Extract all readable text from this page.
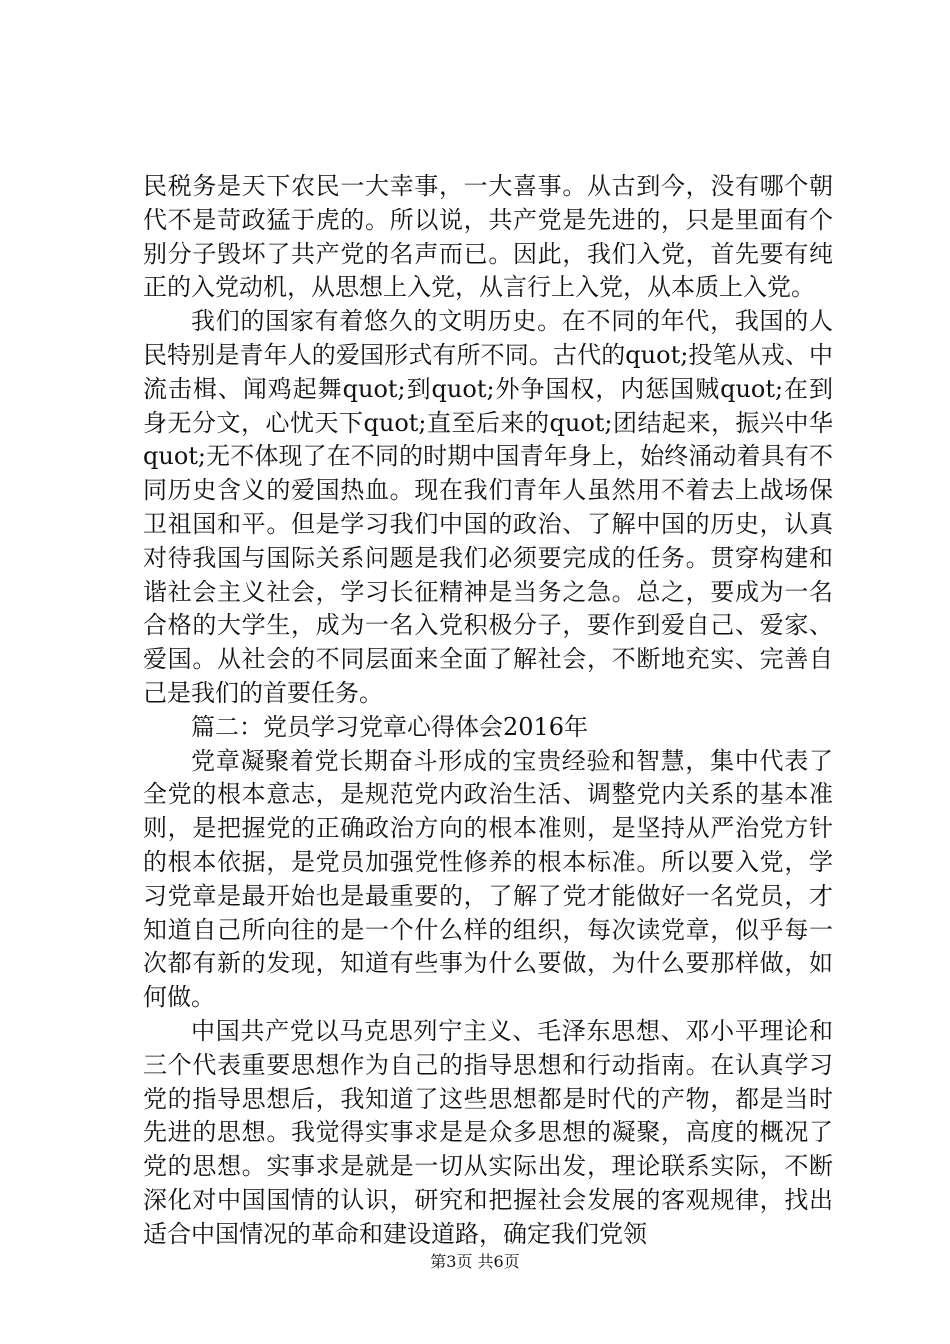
民税务是天下农民一大幸事，一大喜事。从古到今，没有哪个朝代不是苛政猛于虎的。所以说，共产党是先进的，只是里面有个别分子毁坏了共产党的名声而已。因此，我们入党，首先要有纯正的入党动机，从思想上入党，从言行上入党，从本质上入党。

我们的国家有着悠久的文明历史。在不同的年代，我国的人民特别是青年人的爱国形式有所不同。古代的quot;投笔从戎、中流击楫、闻鸡起舞quot;到quot;外争国权，内惩国贼quot;在到身无分文，心忧天下quot;直至后来的quot;团结起来，振兴中华quot;无不体现了在不同的时期中国青年身上，始终涌动着具有不同历史含义的爱国热血。现在我们青年人虽然用不着去上战场保卫祖国和平。但是学习我们中国的政治、了解中国的历史，认真对待我国与国际关系问题是我们必须要完成的任务。贯穿构建和谐社会主义社会，学习长征精神是当务之急。总之，要成为一名合格的大学生，成为一名入党积极分子，要作到爱自己、爱家、爱国。从社会的不同层面来全面了解社会，不断地充实、完善自己是我们的首要任务。

篇二：党员学习党章心得体会2016年

党章凝聚着党长期奋斗形成的宝贵经验和智慧，集中代表了全党的根本意志，是规范党内政治生活、调整党内关系的基本准则，是把握党的正确政治方向的根本准则，是坚持从严治党方针的根本依据，是党员加强党性修养的根本标准。所以要入党，学习党章是最开始也是最重要的，了解了党才能做好一名党员，才知道自己所向往的是一个什么样的组织，每次读党章，似乎每一次都有新的发现，知道有些事为什么要做，为什么要那样做，如何做。

中国共产党以马克思列宁主义、毛泽东思想、邓小平理论和三个代表重要思想作为自己的指导思想和行动指南。在认真学习党的指导思想后，我知道了这些思想都是时代的产物，都是当时先进的思想。我觉得实事求是是众多思想的凝聚，高度的概况了党的思想。实事求是就是一切从实际出发，理论联系实际，不断深化对中国国情的认识，研究和把握社会发展的客观规律，找出适合中国情况的革命和建设道路，确定我们党领

第3页 共6页
